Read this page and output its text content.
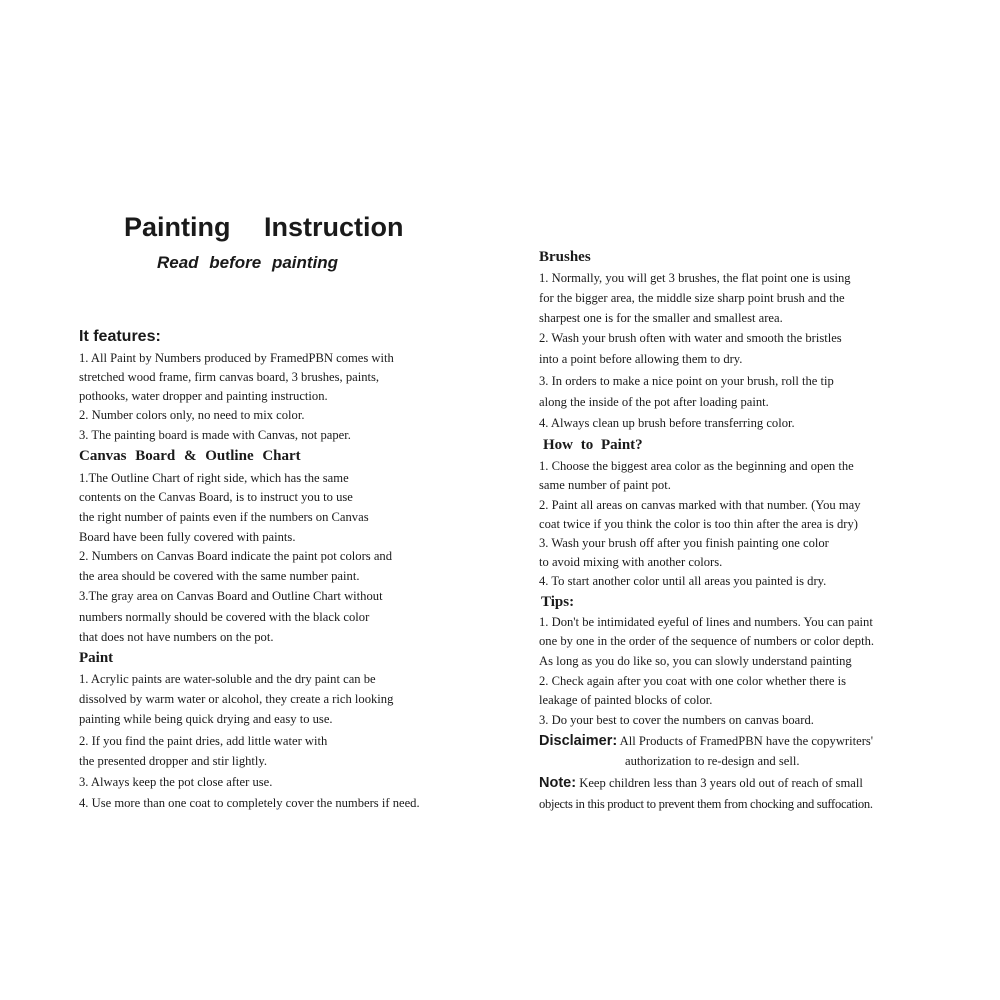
Painting Instruction
Read before painting
It features:
1. All Paint by Numbers produced by FramedPBN comes with
stretched wood frame, firm canvas board, 3 brushes, paints,
pothooks, water dropper and painting instruction.
2. Number colors only, no need to mix color.
3. The painting board is made with Canvas, not paper.
Canvas Board & Outline Chart
1.The Outline Chart of right side, which has the same
contents on the Canvas Board, is to instruct you to use
the right number of paints even if the numbers on Canvas
Board have been fully covered with paints.
2. Numbers on Canvas Board indicate the paint pot colors and
the area should be covered with the same number paint.
3.The gray area on Canvas Board and Outline Chart without
numbers normally should be covered with the black color
that does not have numbers on the pot.
Paint
1. Acrylic paints are water-soluble and the dry paint can be
dissolved by warm water or alcohol, they create a rich looking
painting while being quick drying and easy to use.
2. If you find the paint dries, add little water with
the presented dropper and stir lightly.
3. Always keep the pot close after use.
4. Use more than one coat to completely cover the numbers if need.
Brushes
1. Normally, you will get 3 brushes, the flat point one is using
for the bigger area, the middle size sharp point brush and the
sharpest one is for the smaller and smallest area.
2. Wash your brush often with water and smooth the bristles
into a point before allowing them to dry.
3. In orders to make a nice point on your brush, roll the tip
along the inside of the pot after loading paint.
4. Always clean up brush before transferring color.
How to Paint?
1. Choose the biggest area color as the beginning and open the
same number of paint pot.
2. Paint all areas on canvas marked with that number. (You may
coat twice if you think the color is too thin after the area is dry)
3. Wash your brush off after you finish painting one color
to avoid mixing with another colors.
4. To start another color until all areas you painted is dry.
Tips:
1. Don't be intimidated eyeful of lines and numbers. You can paint
one by one in the order of the sequence of numbers or color depth.
As long as you do like so, you can slowly understand painting
2. Check again after you coat with one color whether there is
leakage of painted blocks of color.
3. Do your best to cover the numbers on canvas board.
Disclaimer: All Products of FramedPBN have the copywriters'
authorization to re-design and sell.
Note: Keep children less than 3 years old out of reach of small
objects in this product to prevent them from chocking and suffocation.
